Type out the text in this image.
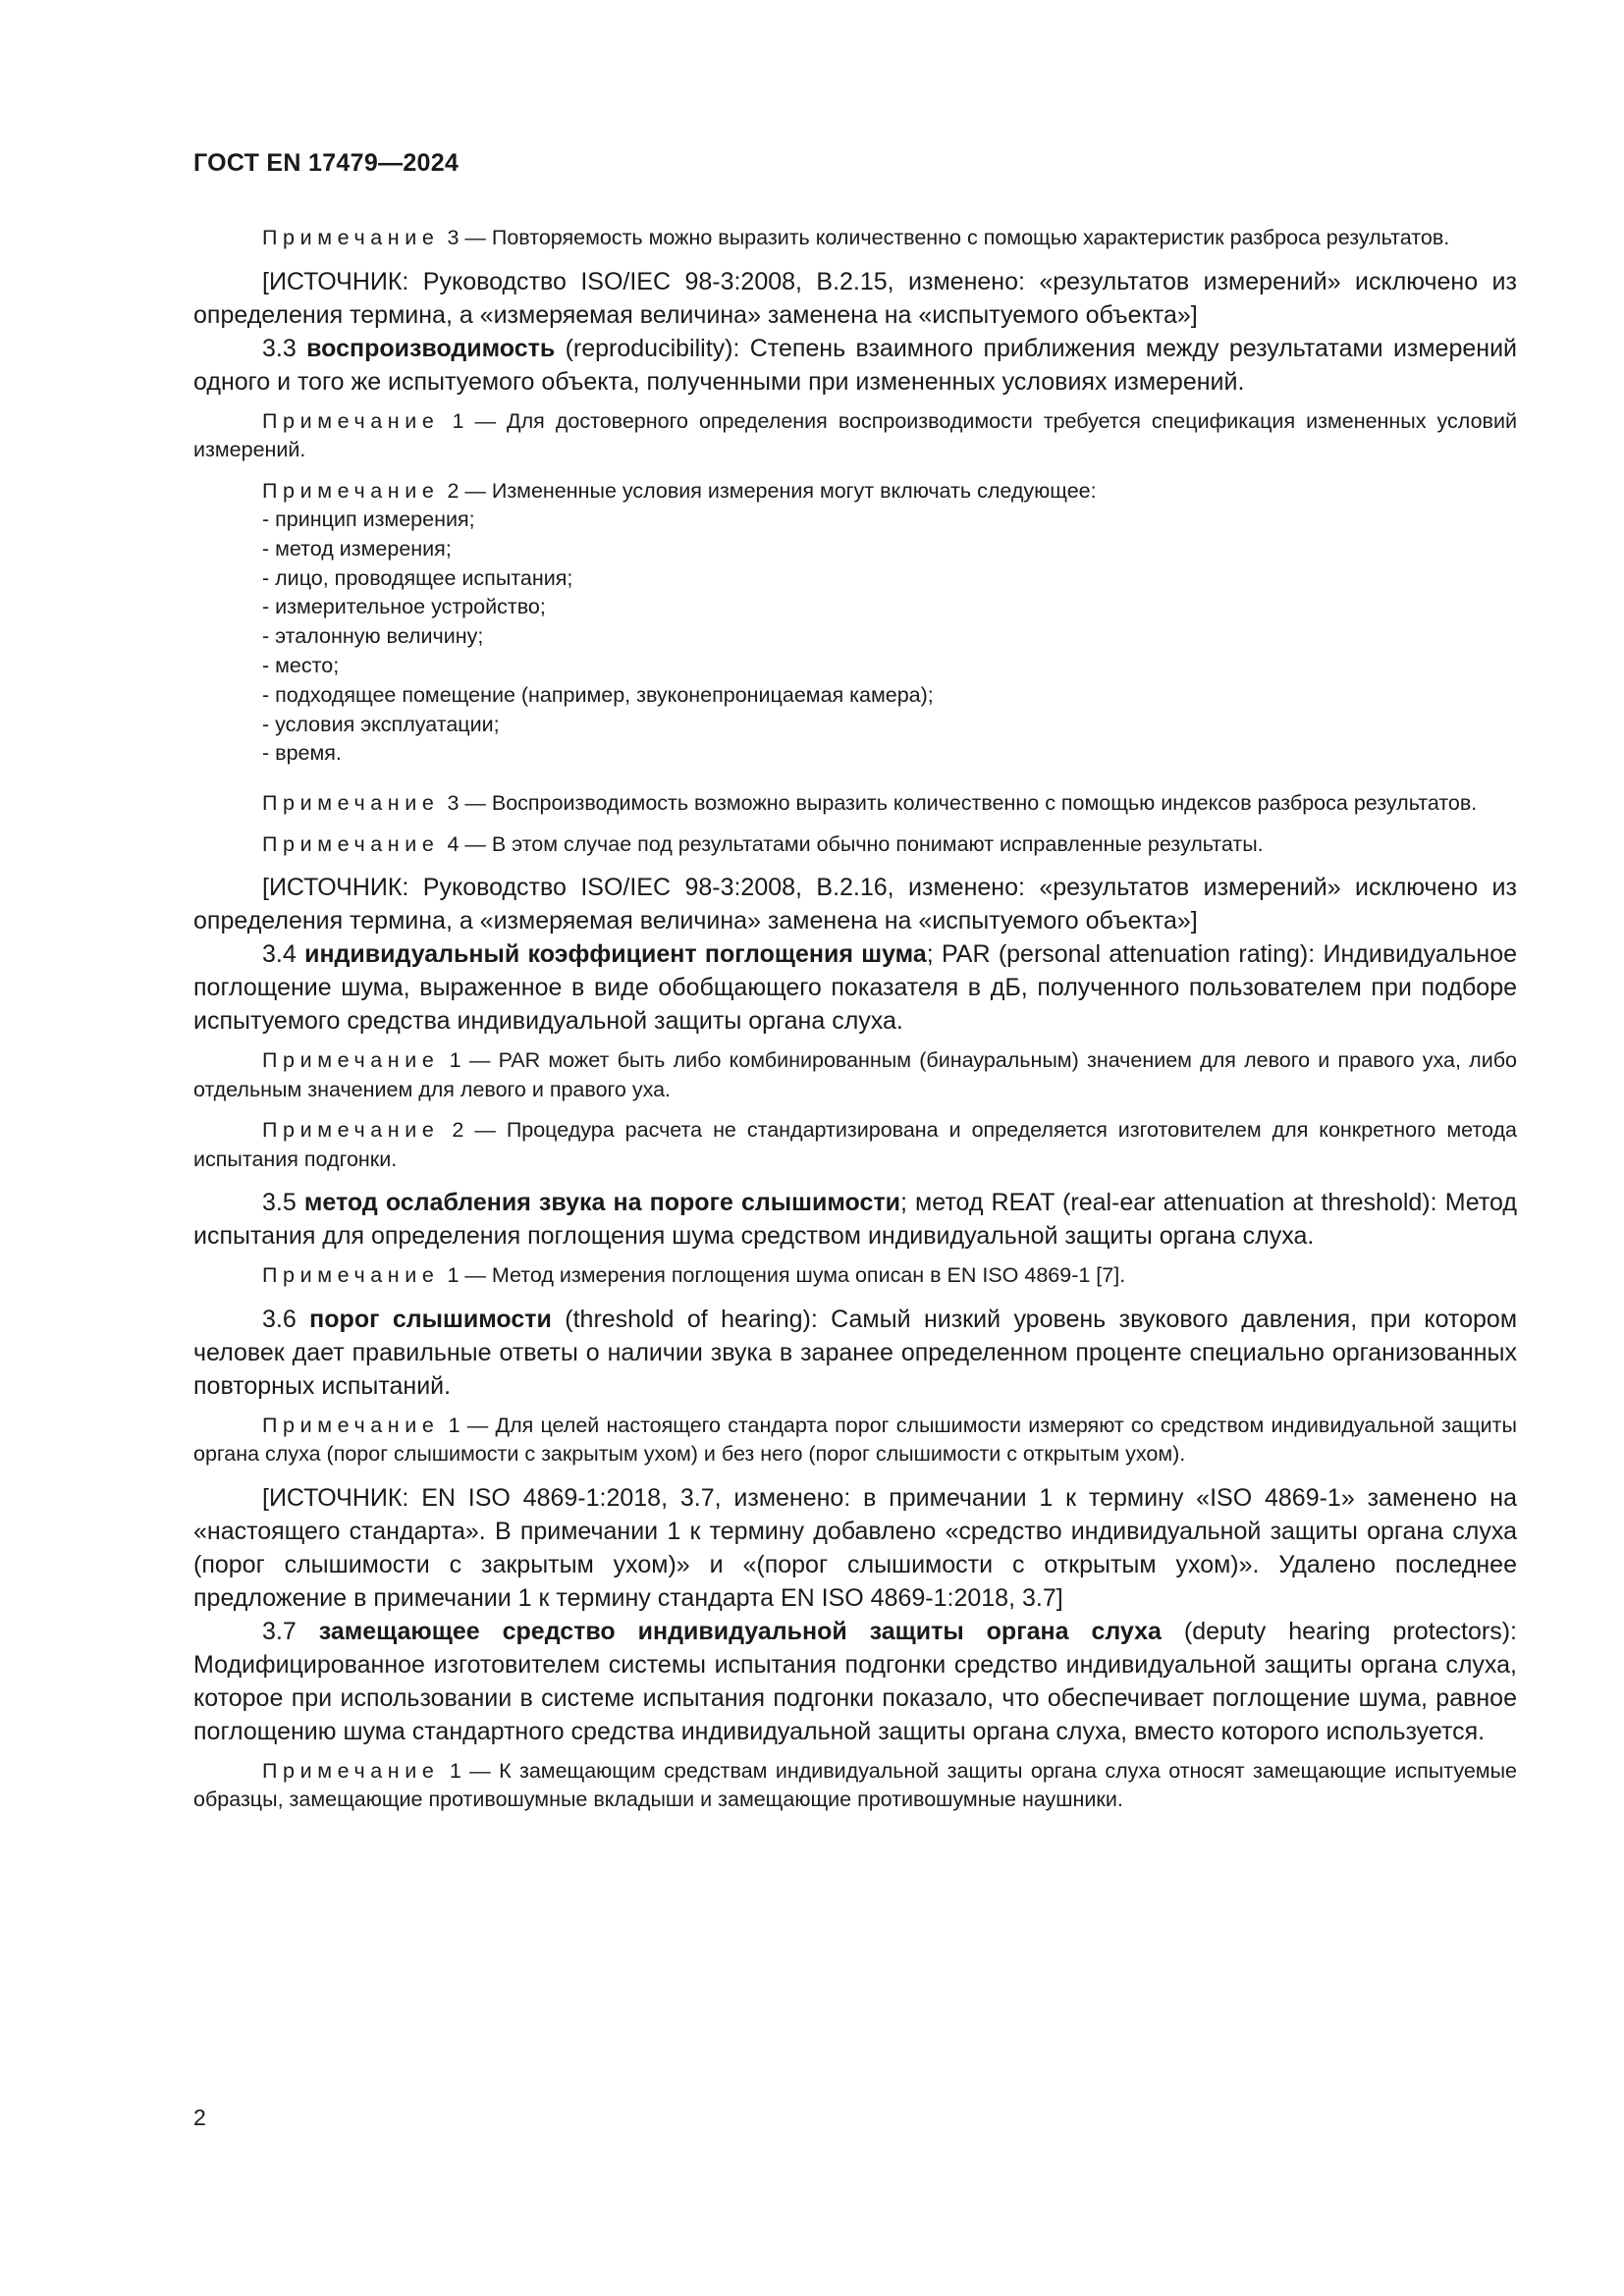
ГОСТ EN 17479—2024

Примечание 3 — Повторяемость можно выразить количественно с помощью характеристик разброса результатов.

[ИСТОЧНИК: Руководство ISO/IEC 98-3:2008, B.2.15, изменено: «результатов измерений» исключено из определения термина, а «измеряемая величина» заменена на «испытуемого объекта»]

3.3 воспроизводимость (reproducibility): Степень взаимного приближения между результатами измерений одного и того же испытуемого объекта, полученными при измененных условиях измерений.

Примечание 1 — Для достоверного определения воспроизводимости требуется спецификация измененных условий измерений.

Примечание 2 — Измененные условия измерения могут включать следующее:

- принцип измерения;
- метод измерения;
- лицо, проводящее испытания;
- измерительное устройство;
- эталонную величину;
- место;
- подходящее помещение (например, звуконепроницаемая камера);
- условия эксплуатации;
- время.

Примечание 3 — Воспроизводимость возможно выразить количественно с помощью индексов разброса результатов.

Примечание 4 — В этом случае под результатами обычно понимают исправленные результаты.

[ИСТОЧНИК: Руководство ISO/IEC 98-3:2008, B.2.16, изменено: «результатов измерений» исключено из определения термина, а «измеряемая величина» заменена на «испытуемого объекта»]

3.4 индивидуальный коэффициент поглощения шума; PAR (personal attenuation rating): Индивидуальное поглощение шума, выраженное в виде обобщающего показателя в дБ, полученного пользователем при подборе испытуемого средства индивидуальной защиты органа слуха.

Примечание 1 — PAR может быть либо комбинированным (бинауральным) значением для левого и правого уха, либо отдельным значением для левого и правого уха.

Примечание 2 — Процедура расчета не стандартизирована и определяется изготовителем для конкретного метода испытания подгонки.

3.5 метод ослабления звука на пороге слышимости; метод REAT (real-ear attenuation at threshold): Метод испытания для определения поглощения шума средством индивидуальной защиты органа слуха.

Примечание 1 — Метод измерения поглощения шума описан в EN ISO 4869-1 [7].

3.6 порог слышимости (threshold of hearing): Самый низкий уровень звукового давления, при котором человек дает правильные ответы о наличии звука в заранее определенном проценте специально организованных повторных испытаний.

Примечание 1 — Для целей настоящего стандарта порог слышимости измеряют со средством индивидуальной защиты органа слуха (порог слышимости с закрытым ухом) и без него (порог слышимости с открытым ухом).

[ИСТОЧНИК: EN ISO 4869-1:2018, 3.7, изменено: в примечании 1 к термину «ISO 4869-1» заменено на «настоящего стандарта». В примечании 1 к термину добавлено «средство индивидуальной защиты органа слуха (порог слышимости с закрытым ухом)» и «(порог слышимости с открытым ухом)». Удалено последнее предложение в примечании 1 к термину стандарта EN ISO 4869-1:2018, 3.7]

3.7 замещающее средство индивидуальной защиты органа слуха (deputy hearing protectors): Модифицированное изготовителем системы испытания подгонки средство индивидуальной защиты органа слуха, которое при использовании в системе испытания подгонки показало, что обеспечивает поглощение шума, равное поглощению шума стандартного средства индивидуальной защиты органа слуха, вместо которого используется.

Примечание 1 — К замещающим средствам индивидуальной защиты органа слуха относят замещающие испытуемые образцы, замещающие противошумные вкладыши и замещающие противошумные наушники.

2
